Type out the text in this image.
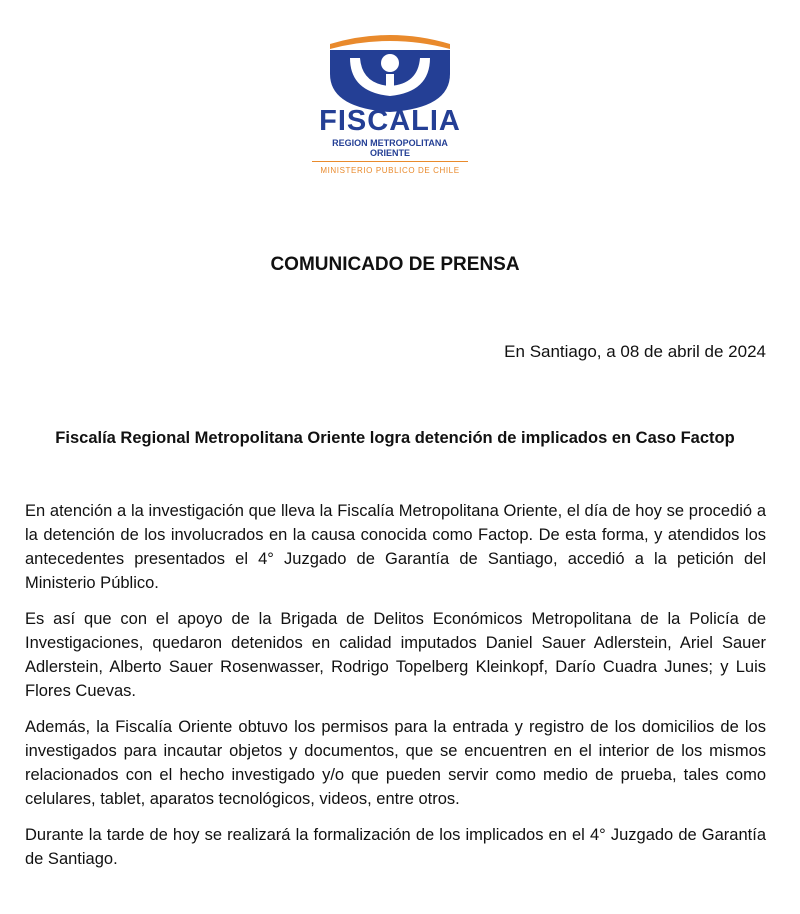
FISCALIA
REGION METROPOLITANA
ORIENTE
MINISTERIO PUBLICO DE CHILE
COMUNICADO DE PRENSA
En Santiago, a 08 de abril de 2024
Fiscalía Regional Metropolitana Oriente logra detención de implicados en Caso Factop

En atención a la investigación que lleva la Fiscalía Metropolitana Oriente, el día de hoy se procedió a la detención de los involucrados en la causa conocida como Factop. De esta forma, y atendidos los antecedentes presentados el 4° Juzgado de Garantía de Santiago, accedió a la petición del Ministerio Público.

Es así que con el apoyo de la Brigada de Delitos Económicos Metropolitana de la Policía de Investigaciones, quedaron detenidos en calidad imputados Daniel Sauer Adlerstein, Ariel Sauer Adlerstein, Alberto Sauer Rosenwasser, Rodrigo Topelberg Kleinkopf, Darío Cuadra Junes; y Luis Flores Cuevas.

Además, la Fiscalía Oriente obtuvo los permisos para la entrada y registro de los domicilios de los investigados para incautar objetos y documentos, que se encuentren en el interior de los mismos relacionados con el hecho investigado y/o que pueden servir como medio de prueba, tales como celulares, tablet, aparatos tecnológicos, videos, entre otros.

Durante la tarde de hoy se realizará la formalización de los implicados en el 4° Juzgado de Garantía de Santiago.
